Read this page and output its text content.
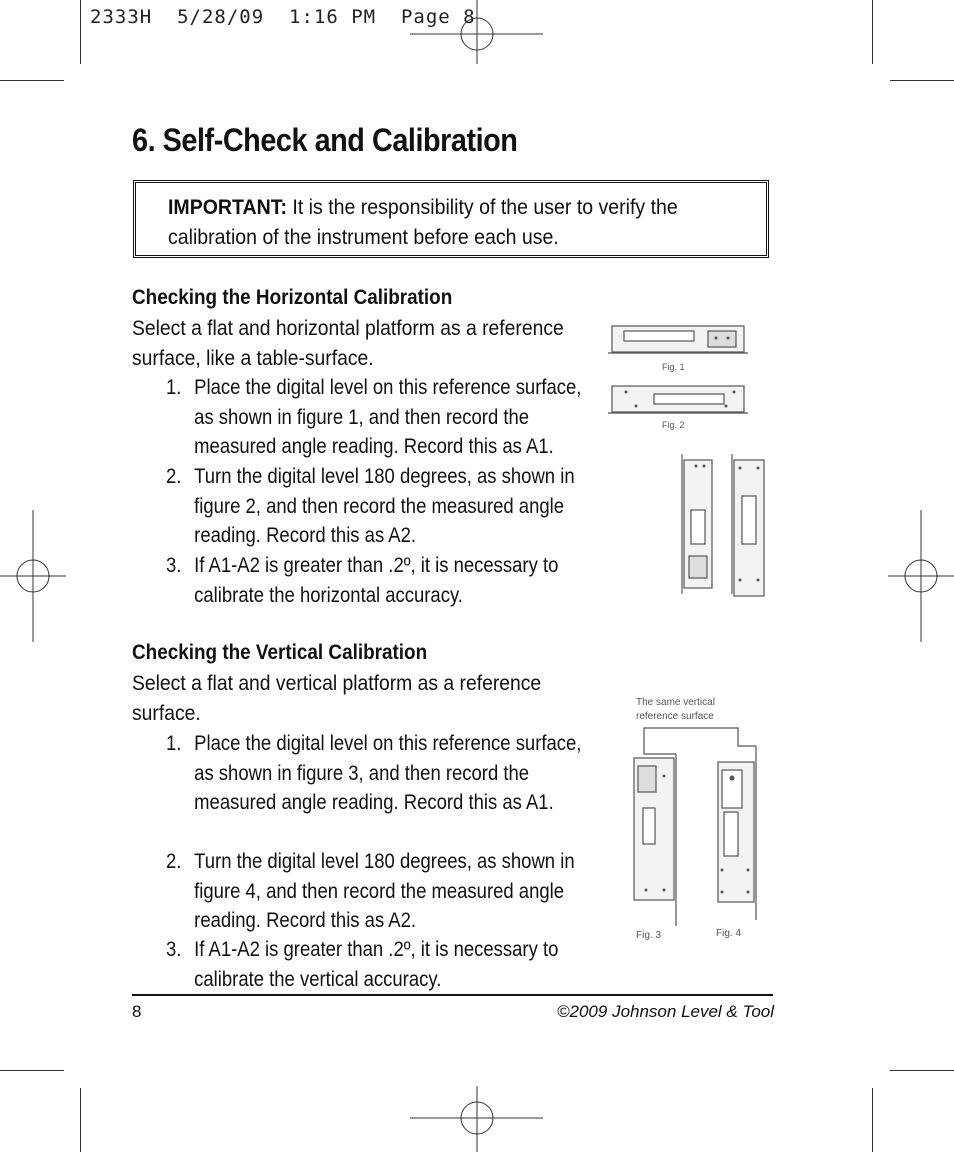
2333H  5/28/09  1:16 PM  Page 8
6. Self-Check and Calibration
IMPORTANT: It is the responsibility of the user to verify the calibration of the instrument before each use.
Checking the Horizontal Calibration
Select a flat and horizontal platform as a reference surface, like a table-surface.
1. Place the digital level on this reference surface, as shown in figure 1, and then record the measured angle reading. Record this as A1.
2. Turn the digital level 180 degrees, as shown in figure 2, and then record the measured angle reading. Record this as A2.
3. If A1-A2 is greater than .2º, it is necessary to calibrate the horizontal accuracy.
Fig. 1
Fig. 2
Checking the Vertical Calibration
Select a flat and vertical platform as a reference surface.
1. Place the digital level on this reference surface, as shown in figure 3, and then record the measured angle reading. Record this as A1.
2. Turn the digital level 180 degrees, as shown in figure 4, and then record the measured angle reading. Record this as A2.
3. If A1-A2 is greater than .2º, it is necessary to calibrate the vertical accuracy.
The same vertical
reference surface
Fig. 3	Fig. 4
8	©2009 Johnson Level & Tool
